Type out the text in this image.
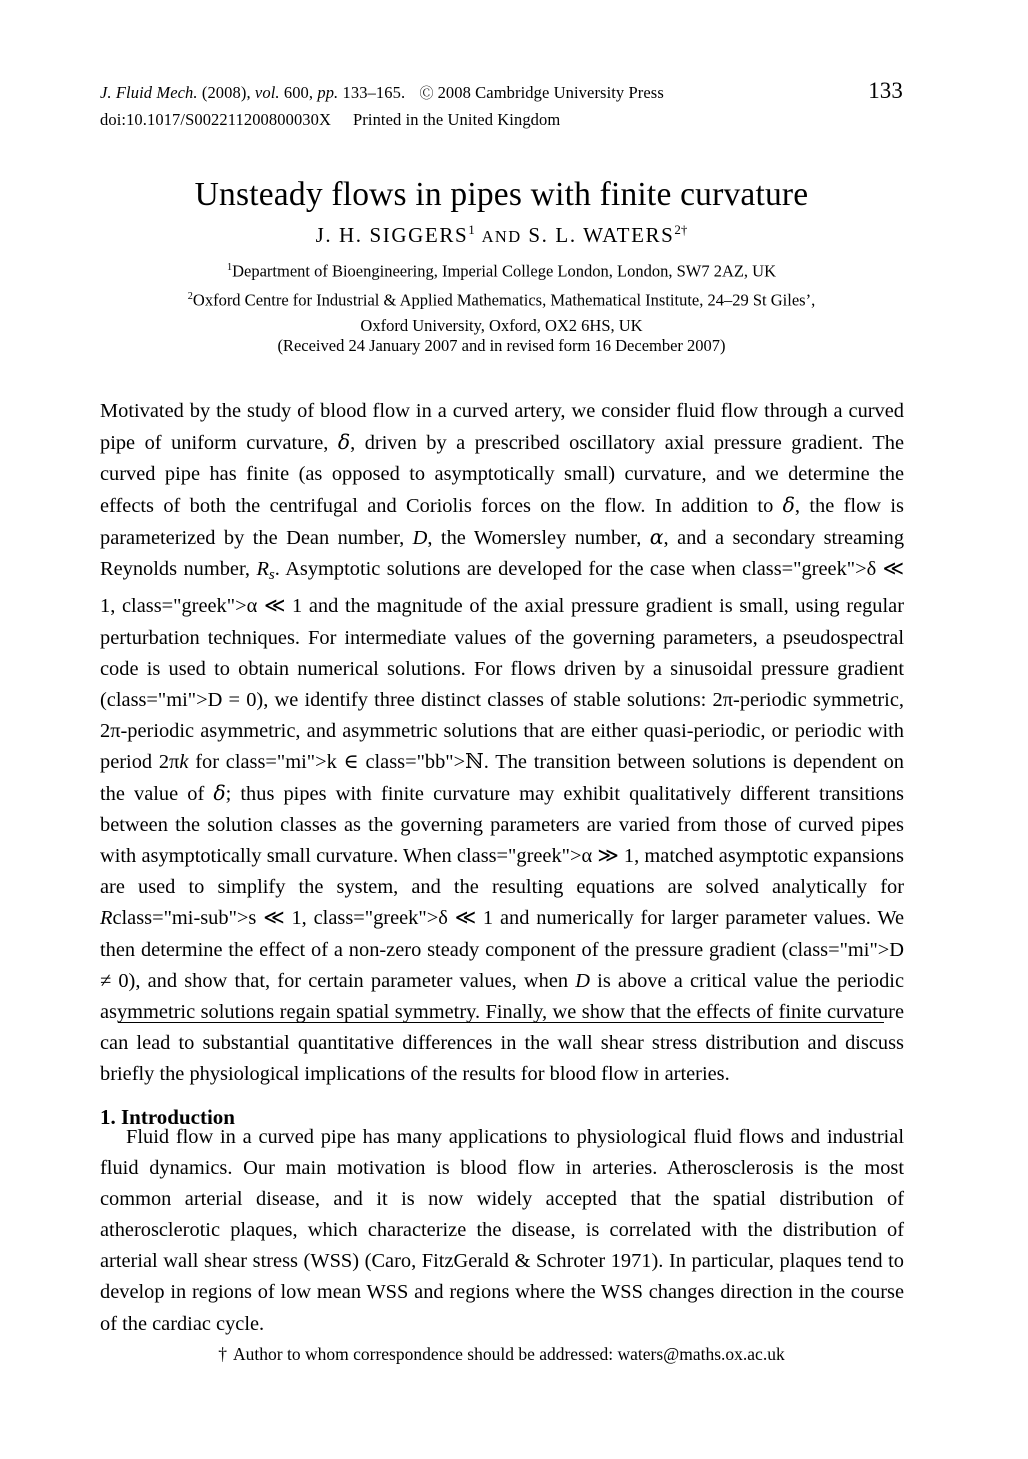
J. Fluid Mech. (2008), vol. 600, pp. 133–165. Ⓒ 2008 Cambridge University Press	133
doi:10.1017/S002211200800030X Printed in the United Kingdom
Unsteady flows in pipes with finite curvature
J. H. SIGGERS$^1$ AND S. L. $WATERS^{2\dagger}$
$^1$Department of Bioengineering, Imperial College London, London, SW7 2AZ, UK
$^2$Oxford Centre for Industrial & Applied Mathematics, Mathematical Institute, 24–29 St Giles’,
Oxford University, Oxford, OX2 6HS, UK
(Received 24 January 2007 and in revised form 16 December 2007)

Motivated by the study of blood flow in a curved artery, we consider fluid flow through a curved pipe of uniform curvature, δ, driven by a prescribed oscillatory axial pressure gradient. The curved pipe has finite (as opposed to asymptotically small) curvature, and we determine the effects of both the centrifugal and Coriolis forces on the flow. In addition to δ, the flow is parameterized by the Dean number, D, the Womersley number, α, and a secondary streaming Reynolds number, Rs. Asymptotic solutions are developed for the case when class="greek">δ ≪ 1, class="greek">α ≪ 1 and the magnitude of the axial pressure gradient is small, using regular perturbation techniques. For intermediate values of the governing parameters, a pseudospectral code is used to obtain numerical solutions. For flows driven by a sinusoidal pressure gradient (class="mi">D = 0), we identify three distinct classes of stable solutions: 2π-periodic symmetric, 2π-periodic asymmetric, and asymmetric solutions that are either quasi-periodic, or periodic with period 2πk for class="mi">k ∈ class="bb">ℕ. The transition between solutions is dependent on the value of δ; thus pipes with finite curvature may exhibit qualitatively different transitions between the solution classes as the governing parameters are varied from those of curved pipes with asymptotically small curvature. When class="greek">α ≫ 1, matched asymptotic expansions are used to simplify the system, and the resulting equations are solved analytically for Rclass="mi-sub">s ≪ 1, class="greek">δ ≪ 1 and numerically for larger parameter values. We then determine the effect of a non-zero steady component of the pressure gradient (class="mi">D ≠ 0), and show that, for certain parameter values, when D is above a critical value the periodic asymmetric solutions regain spatial symmetry. Finally, we show that the effects of finite curvature can lead to substantial quantitative differences in the wall shear stress distribution and discuss briefly the physiological implications of the results for blood flow in arteries.

1. Introduction

Fluid flow in a curved pipe has many applications to physiological fluid flows and industrial fluid dynamics. Our main motivation is blood flow in arteries. Atherosclerosis is the most common arterial disease, and it is now widely accepted that the spatial distribution of atherosclerotic plaques, which characterize the disease, is correlated with the distribution of arterial wall shear stress (WSS) (Caro, FitzGerald & Schroter 1971). In particular, plaques tend to develop in regions of low mean WSS and regions where the WSS changes direction in the course of the cardiac cycle.

† Author to whom correspondence should be addressed: waters@maths.ox.ac.uk
